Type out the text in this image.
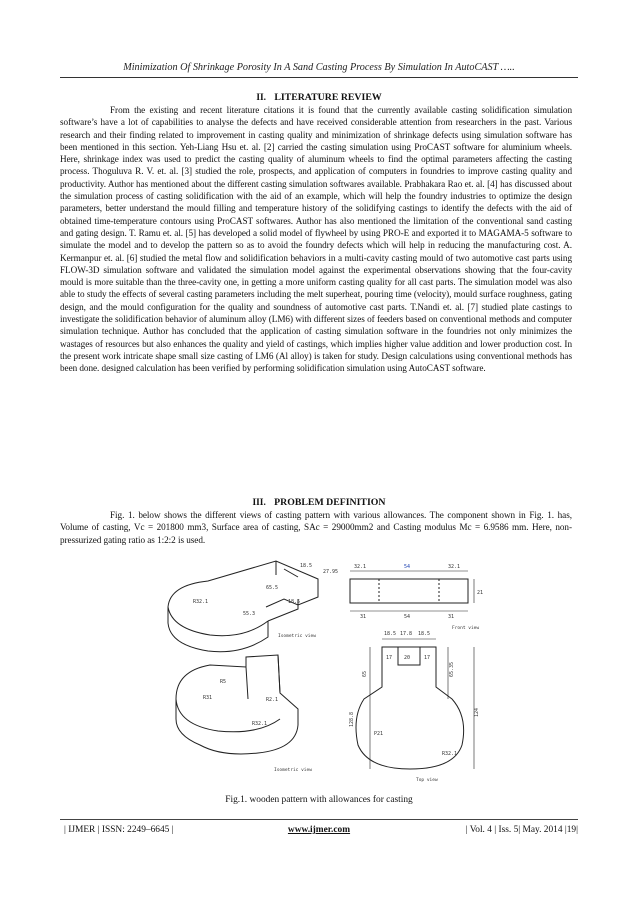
Minimization Of Shrinkage Porosity In A Sand Casting Process By Simulation In AutoCAST …..
II. LITERATURE REVIEW

From the existing and recent literature citations it is found that the currently available casting solidification simulation software’s have a lot of capabilities to analyse the defects and have received considerable attention from researchers in the past. Various research and their finding related to improvement in casting quality and minimization of shrinkage defects using simulation software has been mentioned in this section. Yeh-Liang Hsu et. al. [2] carried the casting simulation using ProCAST software for aluminium wheels. Here, shrinkage index was used to predict the casting quality of aluminum wheels to find the optimal parameters affecting the casting process. Thoguluva R. V. et. al. [3] studied the role, prospects, and application of computers in foundries to improve casting quality and productivity. Author has mentioned about the different casting simulation softwares available. Prabhakara Rao et. al. [4] has discussed about the simulation process of casting solidification with the aid of an example, which will help the foundry industries to optimize the design parameters, better understand the mould filling and temperature history of the solidifying castings to identify the defects with the aid of obtained time-temperature contours using ProCAST softwares. Author has also mentioned the limitation of the conventional sand casting and gating design. T. Ramu et. al. [5] has developed a solid model of flywheel by using PRO-E and exported it to MAGAMA-5 software to simulate the model and to develop the pattern so as to avoid the foundry defects which will help in reducing the manufacturing cost. A. Kermanpur et. al. [6] studied the metal flow and solidification behaviors in a multi-cavity casting mould of two automotive cast parts using FLOW-3D simulation software and validated the simulation model against the experimental observations showing that the four-cavity mould is more suitable than the three-cavity one, in getting a more uniform casting quality for all cast parts. The simulation model was also able to study the effects of several casting parameters including the melt superheat, pouring time (velocity), mould surface roughness, gating design, and the mould configuration for the quality and soundness of automotive cast parts. T.Nandi et. al. [7] studied plate castings to investigate the solidification behavior of aluminum alloy (LM6) with different sizes of feeders based on conventional methods and computer simulation technique. Author has concluded that the application of casting simulation software in the foundries not only minimizes the wastages of resources but also enhances the quality and yield of castings, which implies higher value addition and lower production cost. In the present work intricate shape small size casting of LM6 (Al alloy) is taken for study. Design calculations using conventional methods has been done. designed calculation has been verified by performing solidification simulation using AutoCAST software.

III. PROBLEM DEFINITION

Fig. 1. below shows the different views of casting pattern with various allowances. The component shown in Fig. 1. has, Volume of casting, Vc = 201800 mm3, Surface area of casting, SAc = 29000mm2 and Casting modulus Mc = 6.9586 mm. Here, non-pressurized gating ratio as 1:2:2 is used.

R32.1
55.3
65.5
18.5
27.95
18.5
Isometric view
R31
R5
R32.1
R2.1
Isometric view
32.1	54	32.1
31	54	31
21
Front view
18.5 17.8 18.5
17 20	17
65	65.35
124
128.8
P21
R32.1
Top view
Fig.1. wooden pattern with allowances for casting
| IJMER | ISSN: 2249–6645 |	www.ijmer.com	| Vol. 4 | Iss. 5| May. 2014 |19|
